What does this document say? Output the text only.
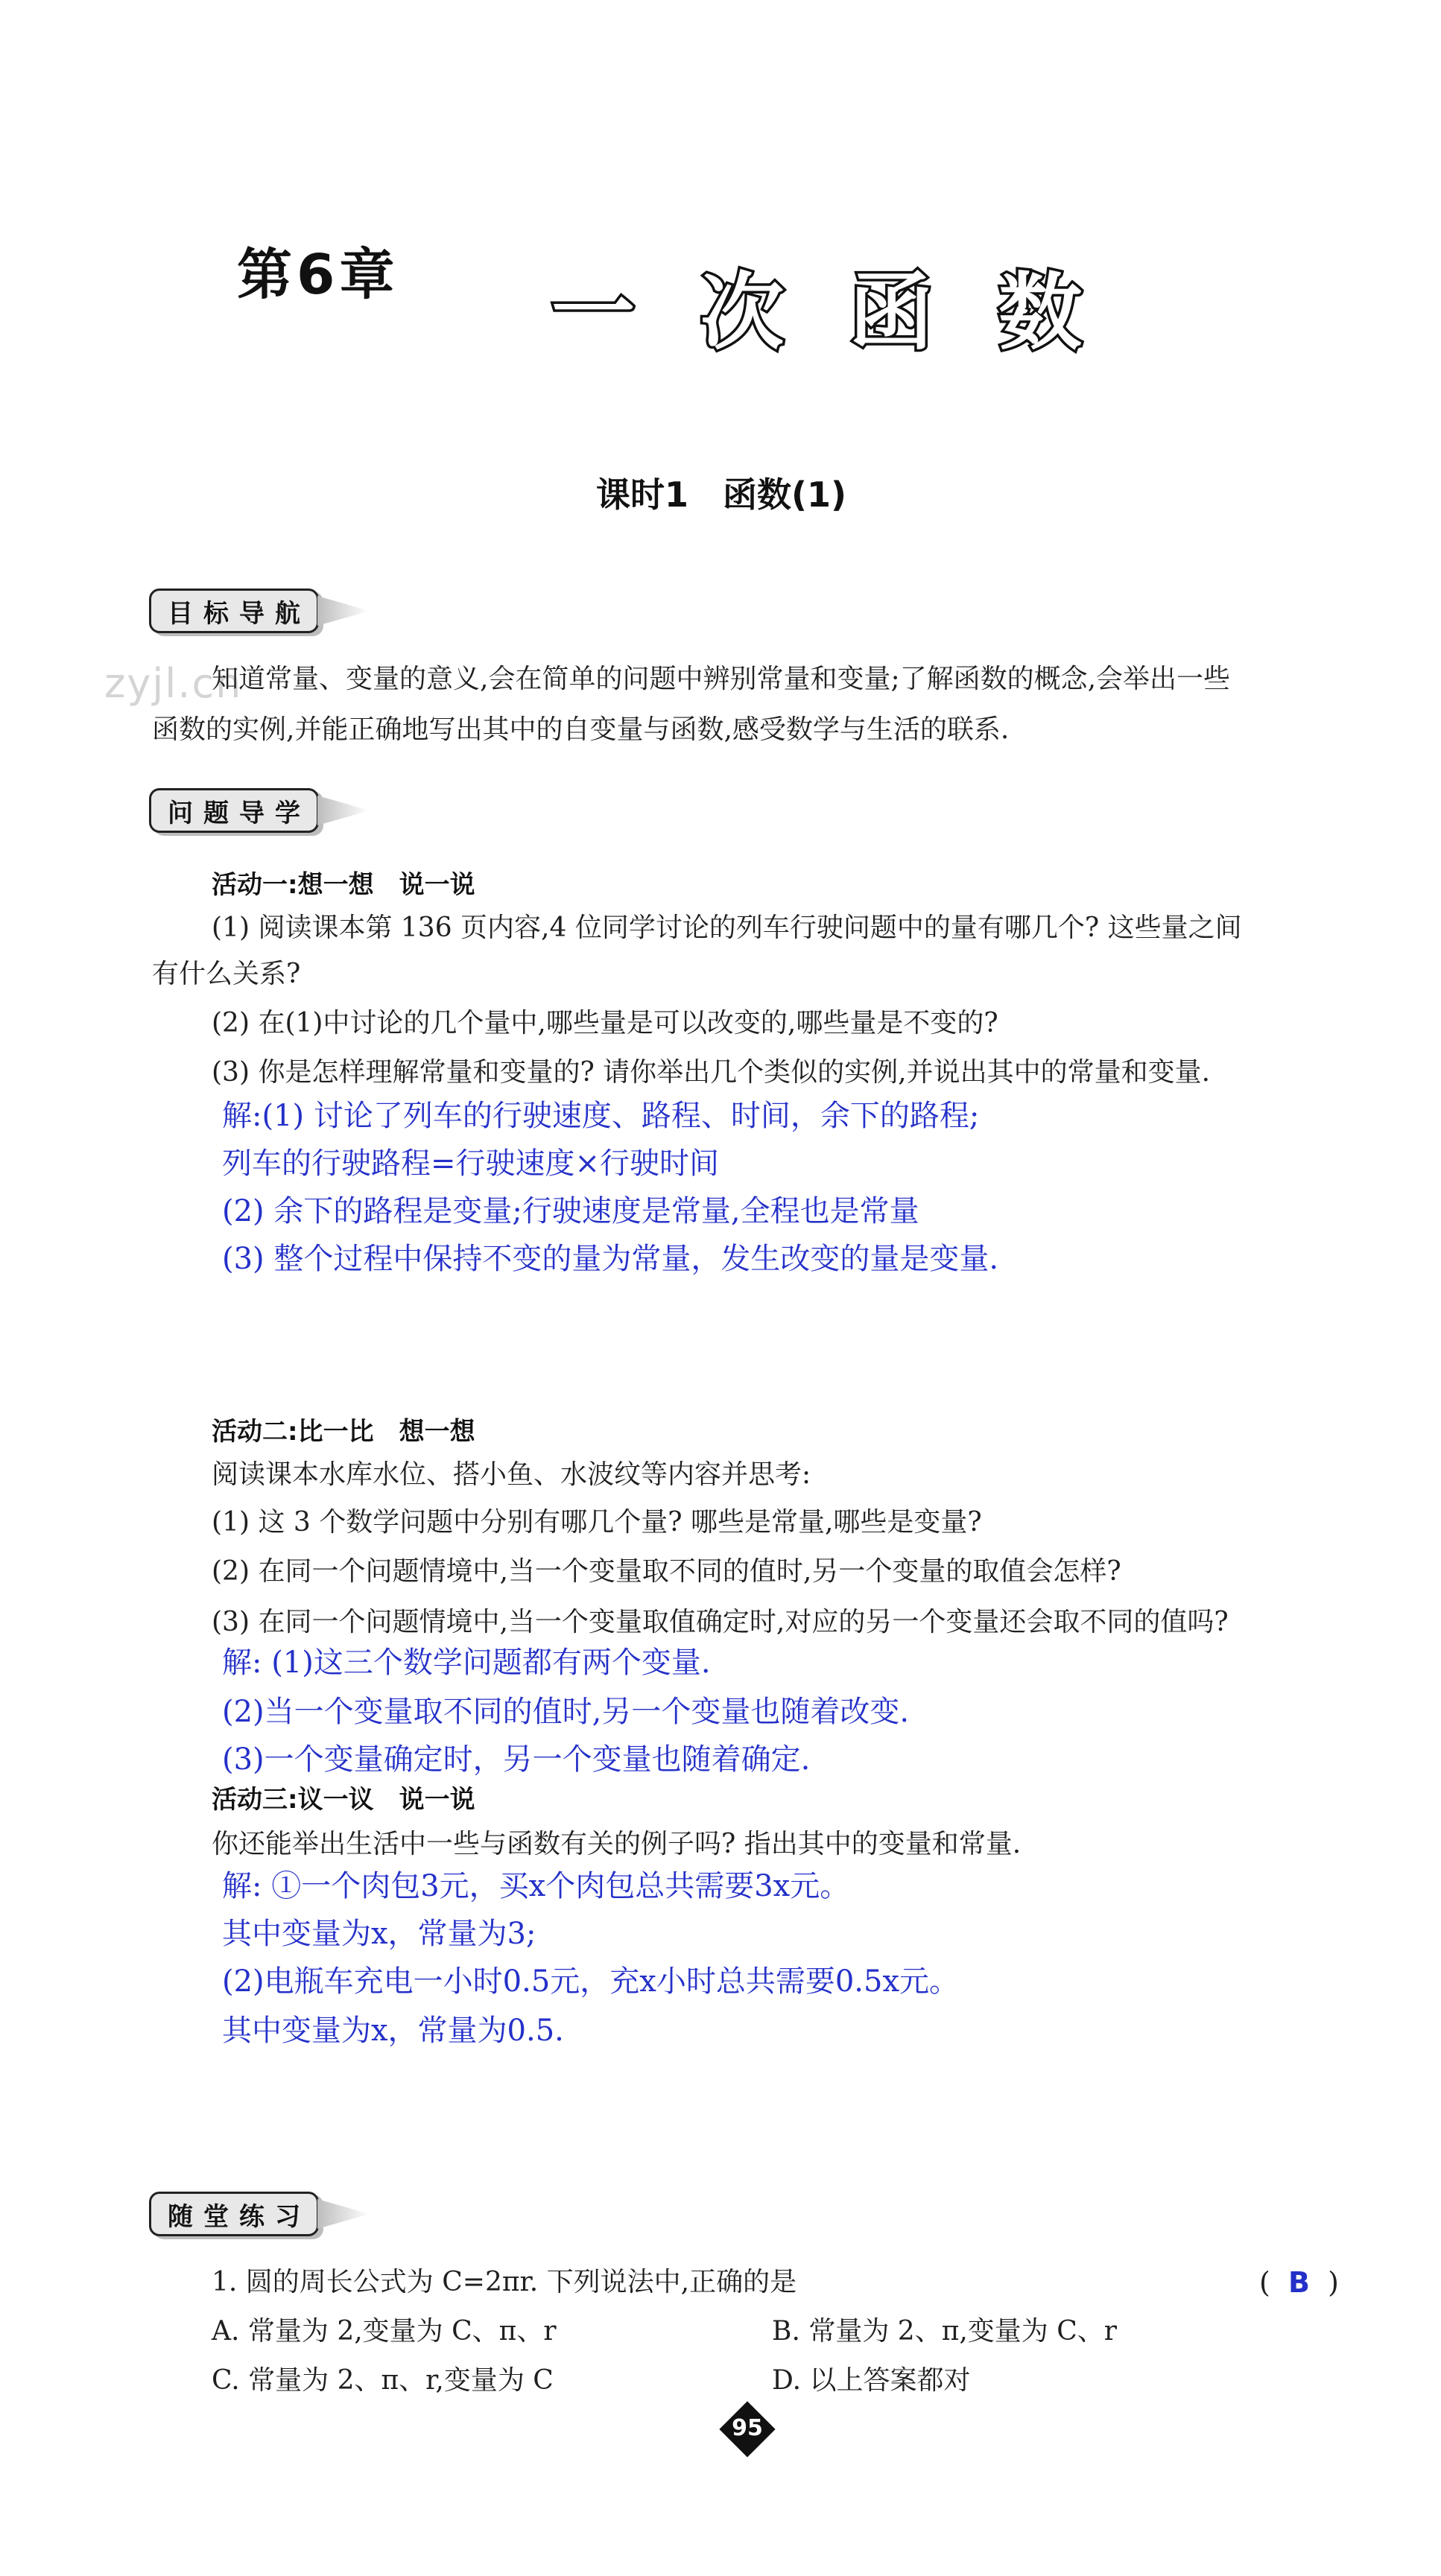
第6章 一次函数
课时1　函数(1)
目标导航
zyjl.cn
知道常量、变量的意义,会在简单的问题中辨别常量和变量;了解函数的概念,会举出一些
函数的实例,并能正确地写出其中的自变量与函数,感受数学与生活的联系.
问题导学
活动一:想一想　说一说
(1) 阅读课本第 136 页内容,4 位同学讨论的列车行驶问题中的量有哪几个? 这些量之间
有什么关系?
(2) 在(1)中讨论的几个量中,哪些量是可以改变的,哪些量是不变的?
(3) 你是怎样理解常量和变量的? 请你举出几个类似的实例,并说出其中的常量和变量.
解:(1) 讨论了列车的行驶速度、路程、时间，余下的路程;
列车的行驶路程=行驶速度×行驶时间
(2) 余下的路程是变量;行驶速度是常量,全程也是常量
(3) 整个过程中保持不变的量为常量，发生改变的量是变量.
活动二:比一比　想一想
阅读课本水库水位、搭小鱼、水波纹等内容并思考:
(1) 这 3 个数学问题中分别有哪几个量? 哪些是常量,哪些是变量?
(2) 在同一个问题情境中,当一个变量取不同的值时,另一个变量的取值会怎样?
(3) 在同一个问题情境中,当一个变量取值确定时,对应的另一个变量还会取不同的值吗?
解: (1)这三个数学问题都有两个变量.
(2)当一个变量取不同的值时,另一个变量也随着改变.
(3)一个变量确定时，另一个变量也随着确定.
活动三:议一议　说一说
你还能举出生活中一些与函数有关的例子吗? 指出其中的变量和常量.
解: ①一个肉包3元，买x个肉包总共需要3x元。
其中变量为x，常量为3;
(2)电瓶车充电一小时0.5元，充x小时总共需要0.5x元。
其中变量为x，常量为0.5.
随堂练习
1. 圆的周长公式为 C=2πr. 下列说法中,正确的是	(  B  )
A. 常量为 2,变量为 C、π、r	B. 常量为 2、π,变量为 C、r
C. 常量为 2、π、r,变量为 C	D. 以上答案都对
95
